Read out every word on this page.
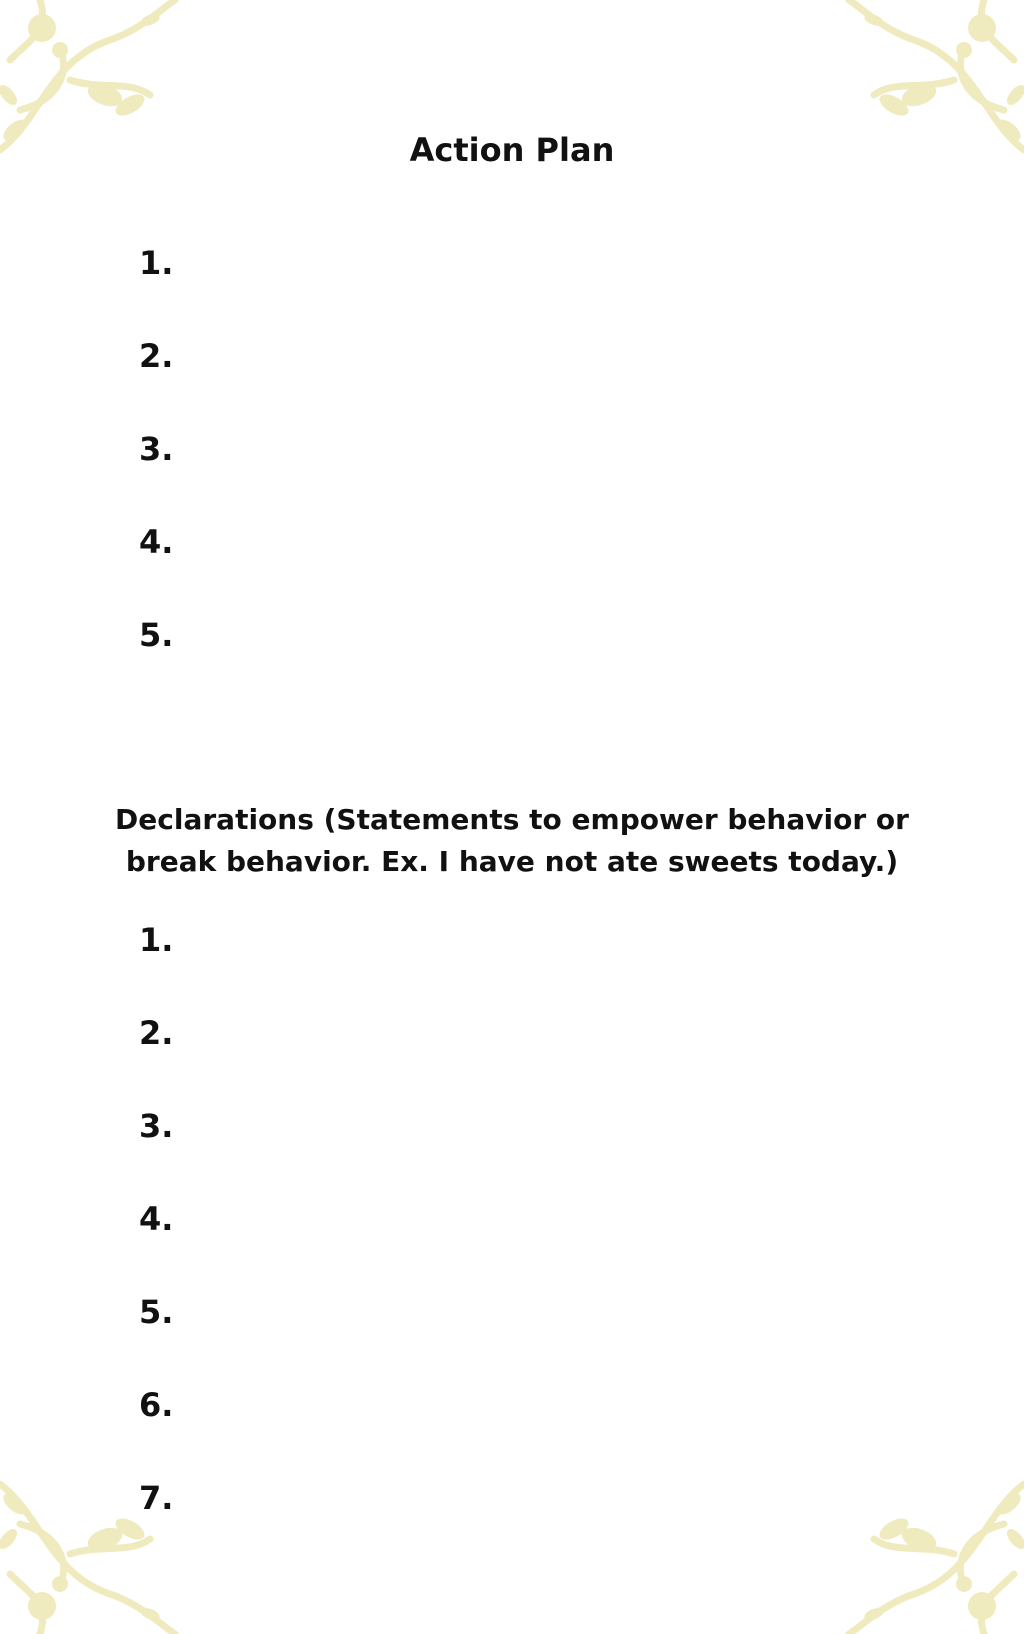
Action Plan
1.
2.
3.
4.
5.
Declarations (Statements to empower behavior or
break behavior. Ex. I have not ate sweets today.)
1.
2.
3.
4.
5.
6.
7.
